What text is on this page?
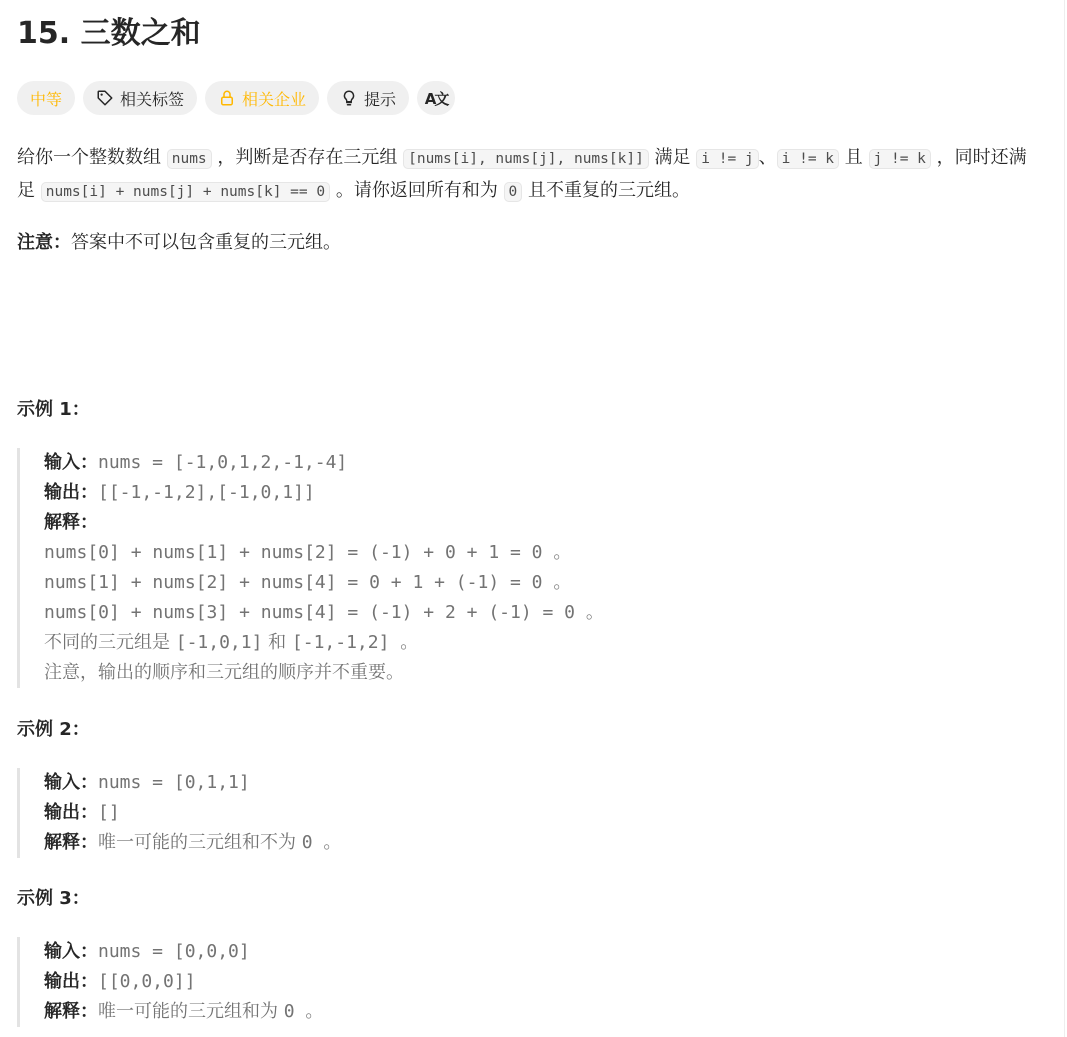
15. 三数之和
中等	相关标签	相关企业	提示 A文

给你一个整数数组 nums ，判断是否存在三元组 [nums[i], nums[j], nums[k]] 满足 i != j 、 i != k 且 j != k ，同时还满足 nums[i] + nums[j] + nums[k] == 0 。请你返回所有和为 0 且不重复的三元组。

注意：答案中不可以包含重复的三元组。

示例 1：
输入：nums = [-1,0,1,2,-1,-4]
输出：[[-1,-1,2],[-1,0,1]]
解释：
nums[0] + nums[1] + nums[2] = (-1) + 0 + 1 = 0 。
nums[1] + nums[2] + nums[4] = 0 + 1 + (-1) = 0 。
nums[0] + nums[3] + nums[4] = (-1) + 2 + (-1) = 0 。
不同的三元组是 [-1,0,1] 和 [-1,-1,2] 。
注意，输出的顺序和三元组的顺序并不重要。
示例 2：
输入：nums = [0,1,1]
输出：[]
解释：唯一可能的三元组和不为 0 。
示例 3：
输入：nums = [0,0,0]
输出：[[0,0,0]]
解释：唯一可能的三元组和为 0 。
